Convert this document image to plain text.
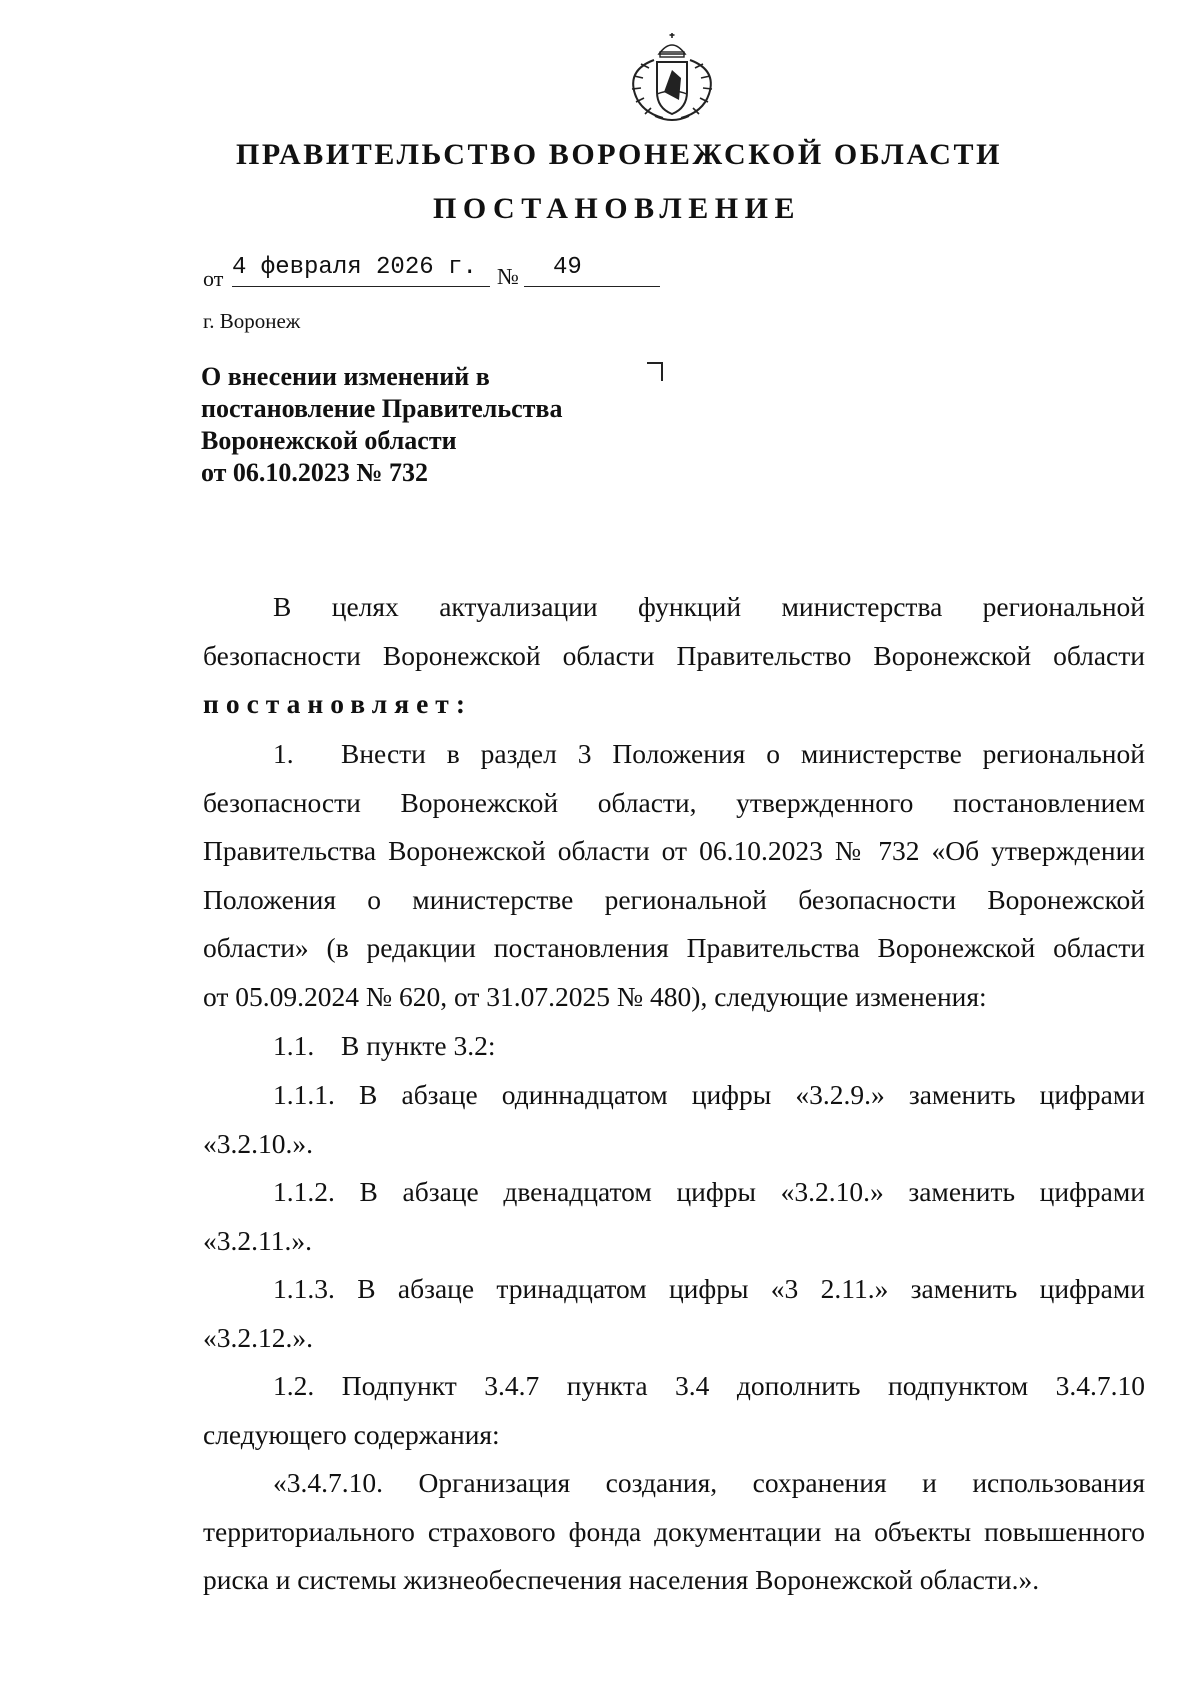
ПРАВИТЕЛЬСТВО ВОРОНЕЖСКОЙ ОБЛАСТИ
ПОСТАНОВЛЕНИЕ
от 4 февраля 2026 г. № 49
г. Воронеж
О внесении изменений в
постановление Правительства
Воронежской области
от 06.10.2023 № 732
В целях актуализации функций министерства региональной
безопасности Воронежской области Правительство Воронежской области
постановляет:
1.	Внести в раздел 3 Положения о министерстве региональной
безопасности Воронежской области, утвержденного постановлением
Правительства Воронежской области от 06.10.2023 № 732 «Об утверждении
Положения о министерстве региональной безопасности Воронежской
области» (в редакции постановления Правительства Воронежской области
от 05.09.2024 № 620, от 31.07.2025 № 480), следующие изменения:
1.1. В пункте 3.2:
1.1.1. В абзаце одиннадцатом цифры «3.2.9.» заменить цифрами
«3.2.10.».
1.1.2. В абзаце двенадцатом цифры «3.2.10.» заменить цифрами
«3.2.11.».
1.1.3. В абзаце тринадцатом цифры «3 2.11.» заменить цифрами
«3.2.12.».
1.2. Подпункт 3.4.7 пункта 3.4 дополнить подпунктом 3.4.7.10
следующего содержания:
«3.4.7.10. Организация создания, сохранения и использования
территориального страхового фонда документации на объекты повышенного
риска и системы жизнеобеспечения населения Воронежской области.».
